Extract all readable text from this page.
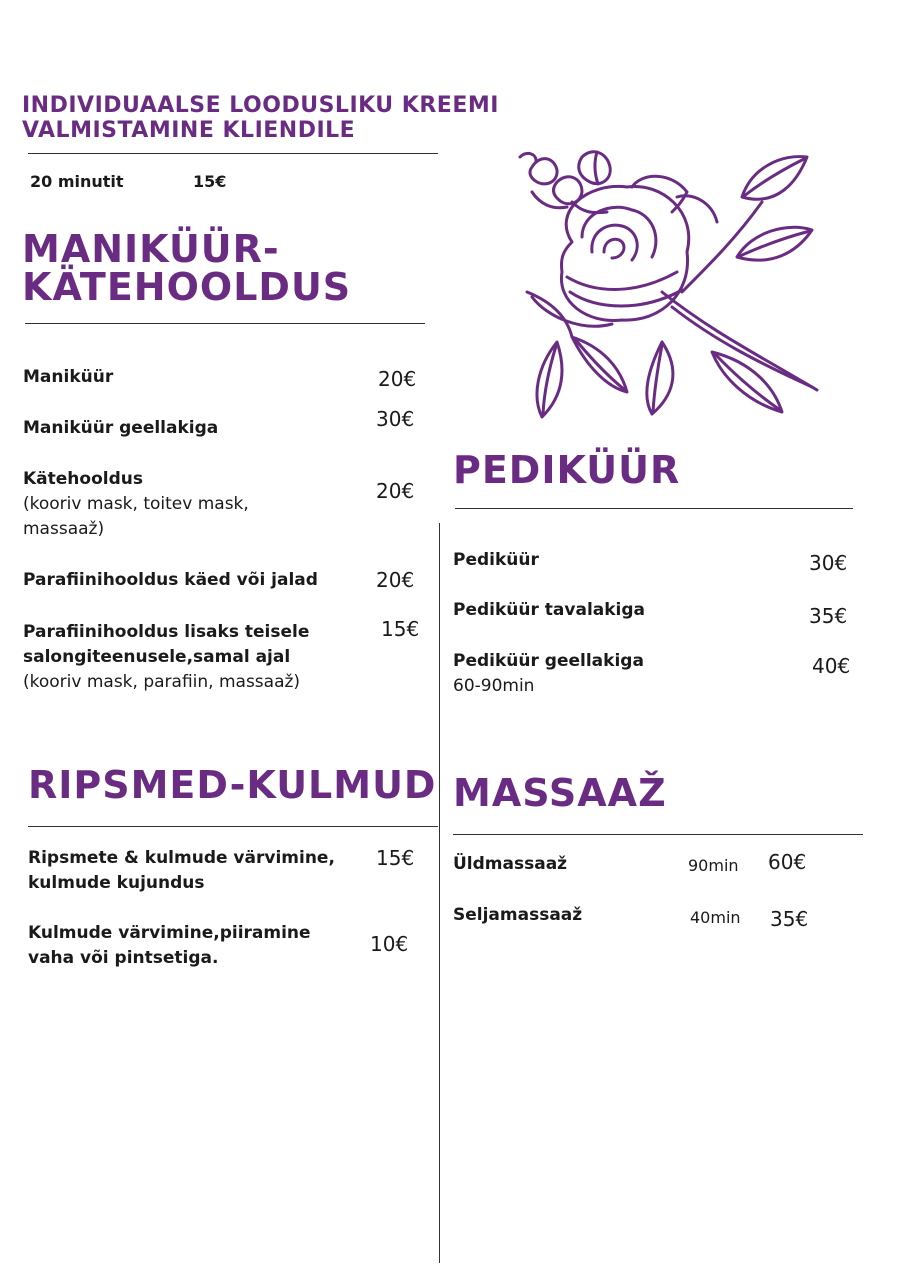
INDIVIDUAALSE LOODUSLIKU KREEMI
VALMISTAMINE KLIENDILE
20 minutit	15€
MANIKÜÜR-
KÄTEHOOLDUS
Maniküür	20€
Maniküür geellakiga	30€
Kätehooldus
(kooriv mask, toitev mask,
massaaž)
20€
Parafiinihooldus käed või jalad	20€
Parafiinihooldus lisaks teisele
salongiteenusele,samal ajal
(kooriv mask, parafiin, massaaž)
15€
RIPSMED-KULMUD
Ripsmete & kulmude värvimine,
kulmude kujundus
15€
Kulmude värvimine,piiramine
vaha või pintsetiga.
10€
PEDIKÜÜR
Pediküür	30€
Pediküür tavalakiga	35€
Pediküür geellakiga
60-90min
40€
MASSAAŽ
Üldmassaaž	90min 60€
Seljamassaaž	40min 35€
